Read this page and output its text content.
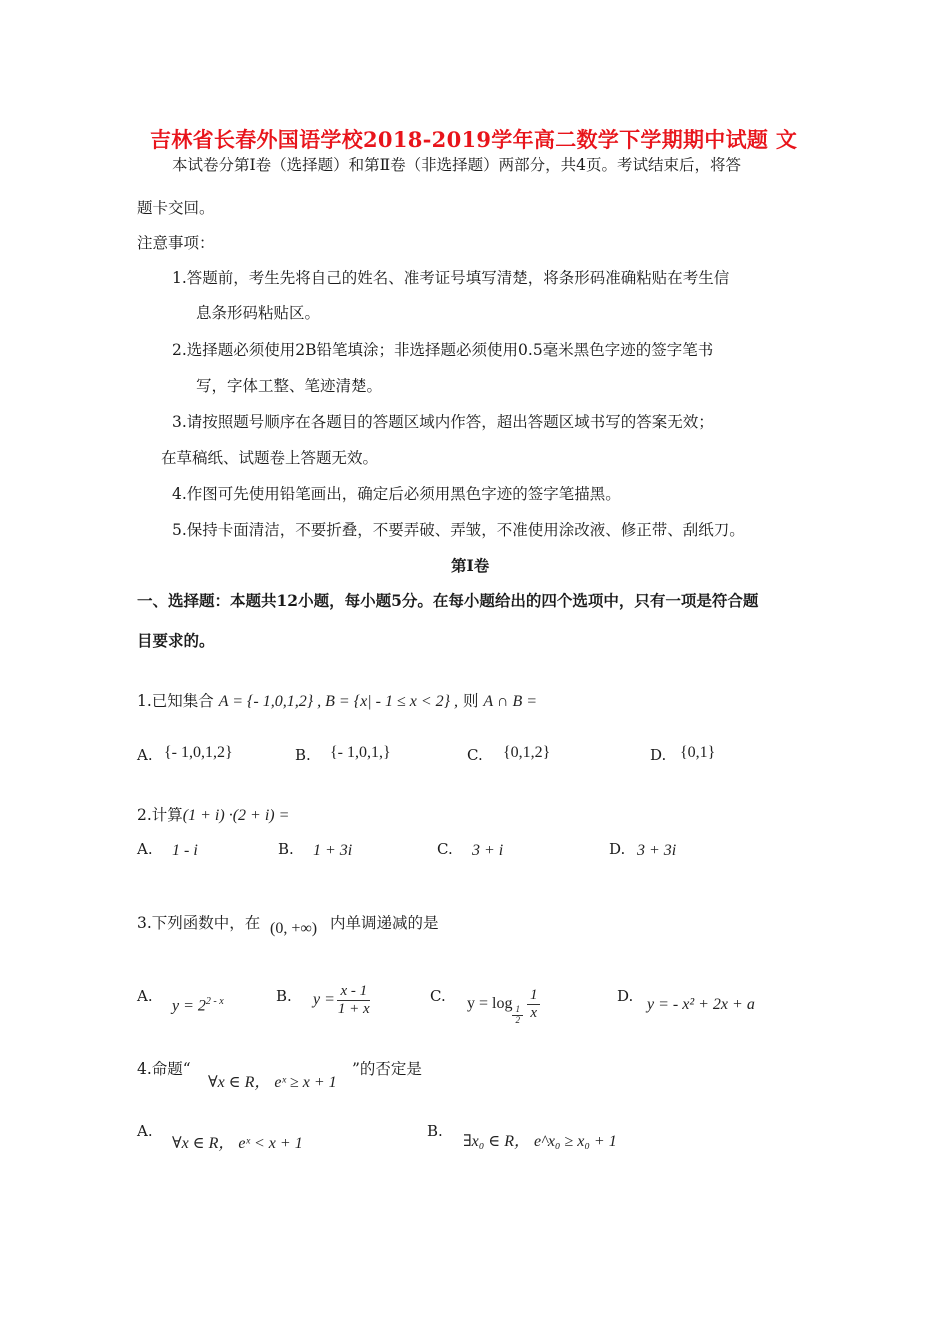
吉林省长春外国语学校2018-2019学年高二数学下学期期中试题 文
本试卷分第Ⅰ卷（选择题）和第Ⅱ卷（非选择题）两部分，共4页。考试结束后，将答
题卡交回。
注意事项：
1.答题前，考生先将自己的姓名、准考证号填写清楚，将条形码准确粘贴在考生信
息条形码粘贴区。
2.选择题必须使用2B铅笔填涂；非选择题必须使用0.5毫米黑色字迹的签字笔书
写，字体工整、笔迹清楚。
3.请按照题号顺序在各题目的答题区域内作答，超出答题区域书写的答案无效；
在草稿纸、试题卷上答题无效。
4.作图可先使用铅笔画出，确定后必须用黑色字迹的签字笔描黑。
5.保持卡面清洁，不要折叠，不要弄破、弄皱，不准使用涂改液、修正带、刮纸刀。
第Ⅰ卷
一、选择题：本题共12小题，每小题5分。在每小题给出的四个选项中，只有一项是符合题
目要求的。
1.已知集合 A = {- 1,0,1,2} , B = {x| - 1 ≤ x < 2} , 则 A ∩ B =
A. {- 1,0,1,2}	B. {- 1,0,1,}	C. {0,1,2}	D. {0,1}
2.计算(1 + i) ·(2 + i) =
A. 1 - i	B. 1 + 3i	C. 3 + i	D. 3 + 3i
3.下列函数中，在 (0, +∞) 内单调递减的是
A.
$y = 2^{2 - x}$	B. $y = \frac{x - 1}{1 + x}$	C. y = log
$\frac{1}{2} \frac{1}{x}$	D. y = - x² + 2x + a
4.命题“
∀x ∈ R， eˣ ≥ x + 1
”的否定是
A.
∀x ∈ R， eˣ < x + 1
B.
∃x₀ ∈ R， e^x₀ ≥ x₀ + 1
